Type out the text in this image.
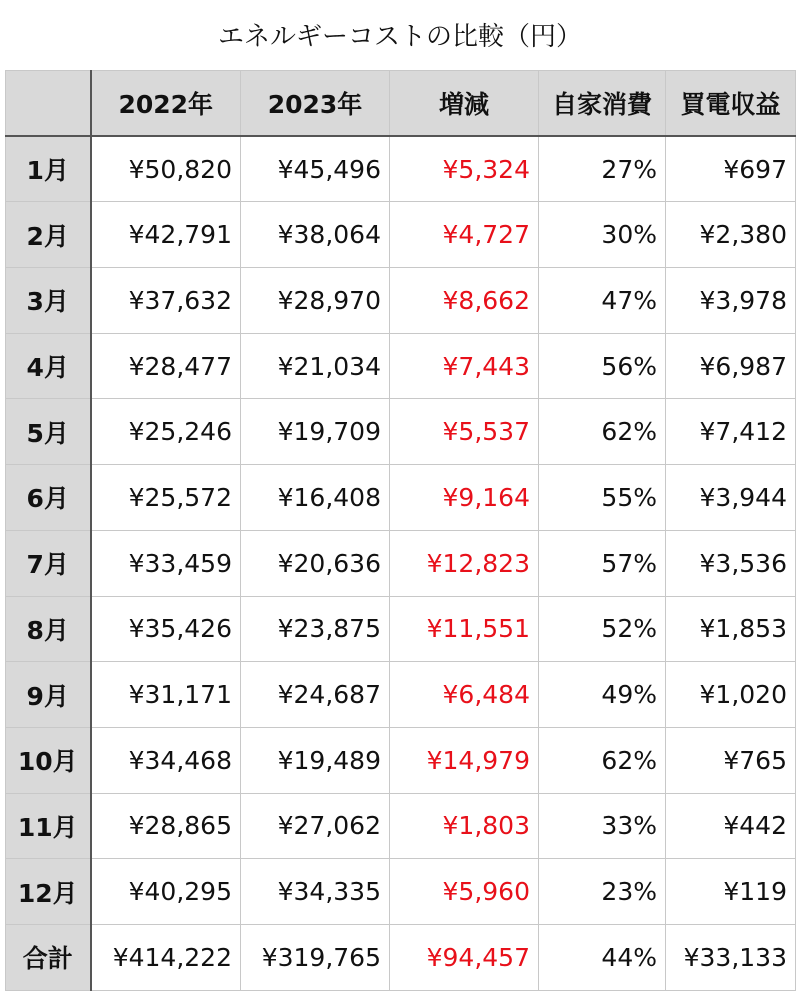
エネルギーコストの比較（円）
	2022年	2023年	増減	自家消費	買電収益
1月	¥50,820	¥45,496	¥5,324	27%	¥697
2月	¥42,791	¥38,064	¥4,727	30%	¥2,380
3月	¥37,632	¥28,970	¥8,662	47%	¥3,978
4月	¥28,477	¥21,034	¥7,443	56%	¥6,987
5月	¥25,246	¥19,709	¥5,537	62%	¥7,412
6月	¥25,572	¥16,408	¥9,164	55%	¥3,944
7月	¥33,459	¥20,636	¥12,823	57%	¥3,536
8月	¥35,426	¥23,875	¥11,551	52%	¥1,853
9月	¥31,171	¥24,687	¥6,484	49%	¥1,020
10月	¥34,468	¥19,489	¥14,979	62%	¥765
11月	¥28,865	¥27,062	¥1,803	33%	¥442
12月	¥40,295	¥34,335	¥5,960	23%	¥119
合計	¥414,222	¥319,765	¥94,457	44%	¥33,133
